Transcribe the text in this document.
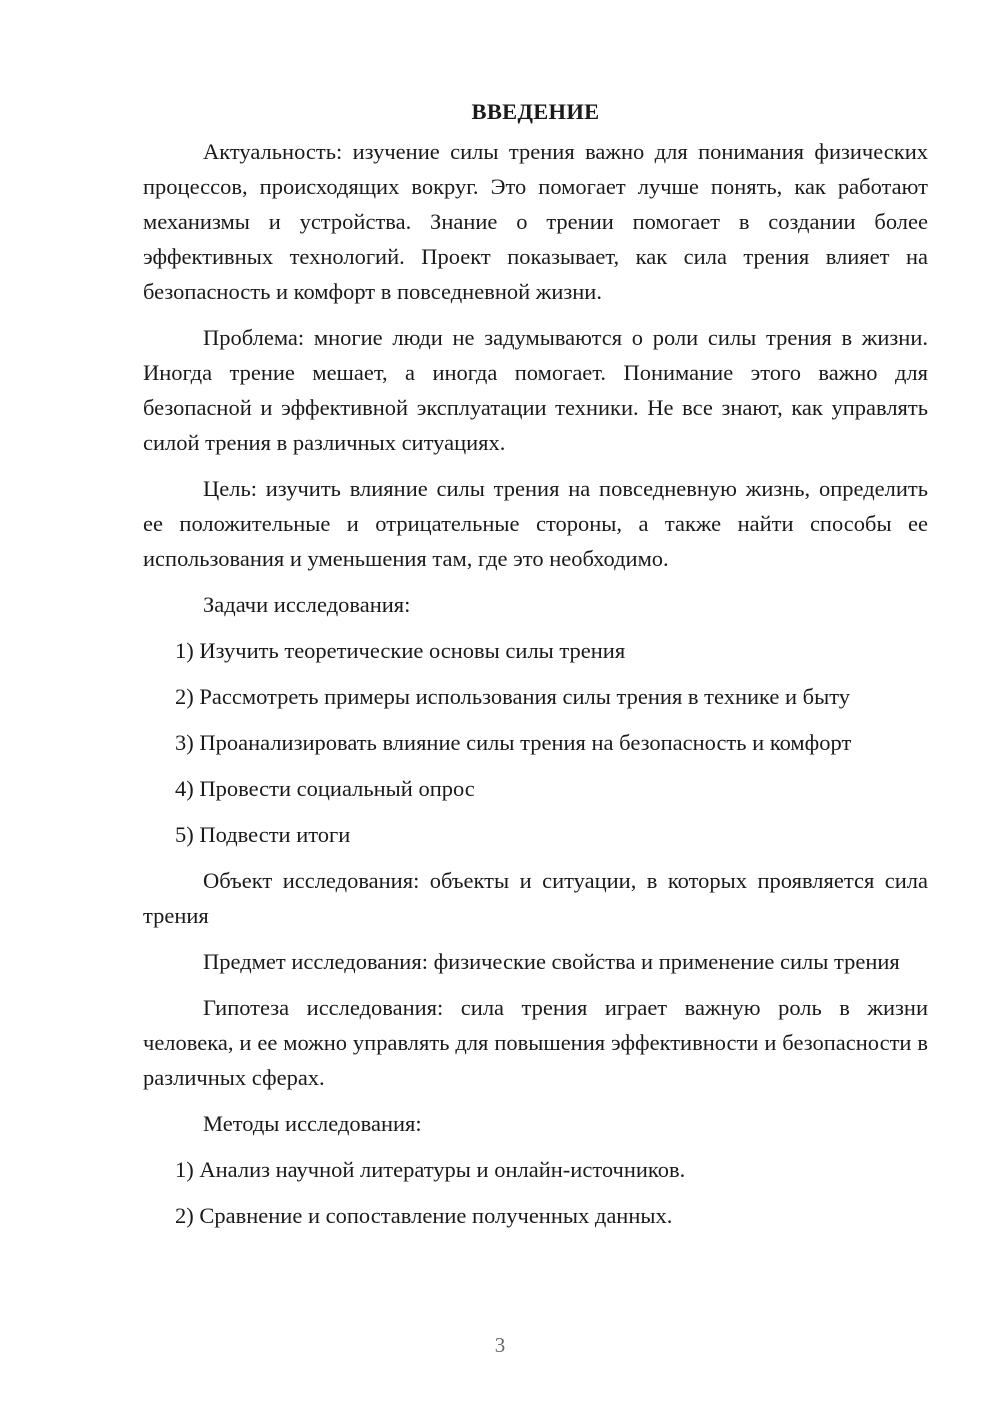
ВВЕДЕНИЕ

Актуальность: изучение силы трения важно для понимания физических процессов, происходящих вокруг. Это помогает лучше понять, как работают механизмы и устройства. Знание о трении помогает в создании более эффективных технологий. Проект показывает, как сила трения влияет на безопасность и комфорт в повседневной жизни.

Проблема: многие люди не задумываются о роли силы трения в жизни. Иногда трение мешает, а иногда помогает. Понимание этого важно для безопасной и эффективной эксплуатации техники. Не все знают, как управлять силой трения в различных ситуациях.

Цель: изучить влияние силы трения на повседневную жизнь, определить ее положительные и отрицательные стороны, а также найти способы ее использования и уменьшения там, где это необходимо.

Задачи исследования:

1) Изучить теоретические основы силы трения

2) Рассмотреть примеры использования силы трения в технике и быту

3) Проанализировать влияние силы трения на безопасность и комфорт

4) Провести социальный опрос

5) Подвести итоги

Объект исследования: объекты и ситуации, в которых проявляется сила трения

Предмет исследования: физические свойства и применение силы трения

Гипотеза исследования: сила трения играет важную роль в жизни человека, и ее можно управлять для повышения эффективности и безопасности в различных сферах.

Методы исследования:

1) Анализ научной литературы и онлайн-источников.

2) Сравнение и сопоставление полученных данных.

3
